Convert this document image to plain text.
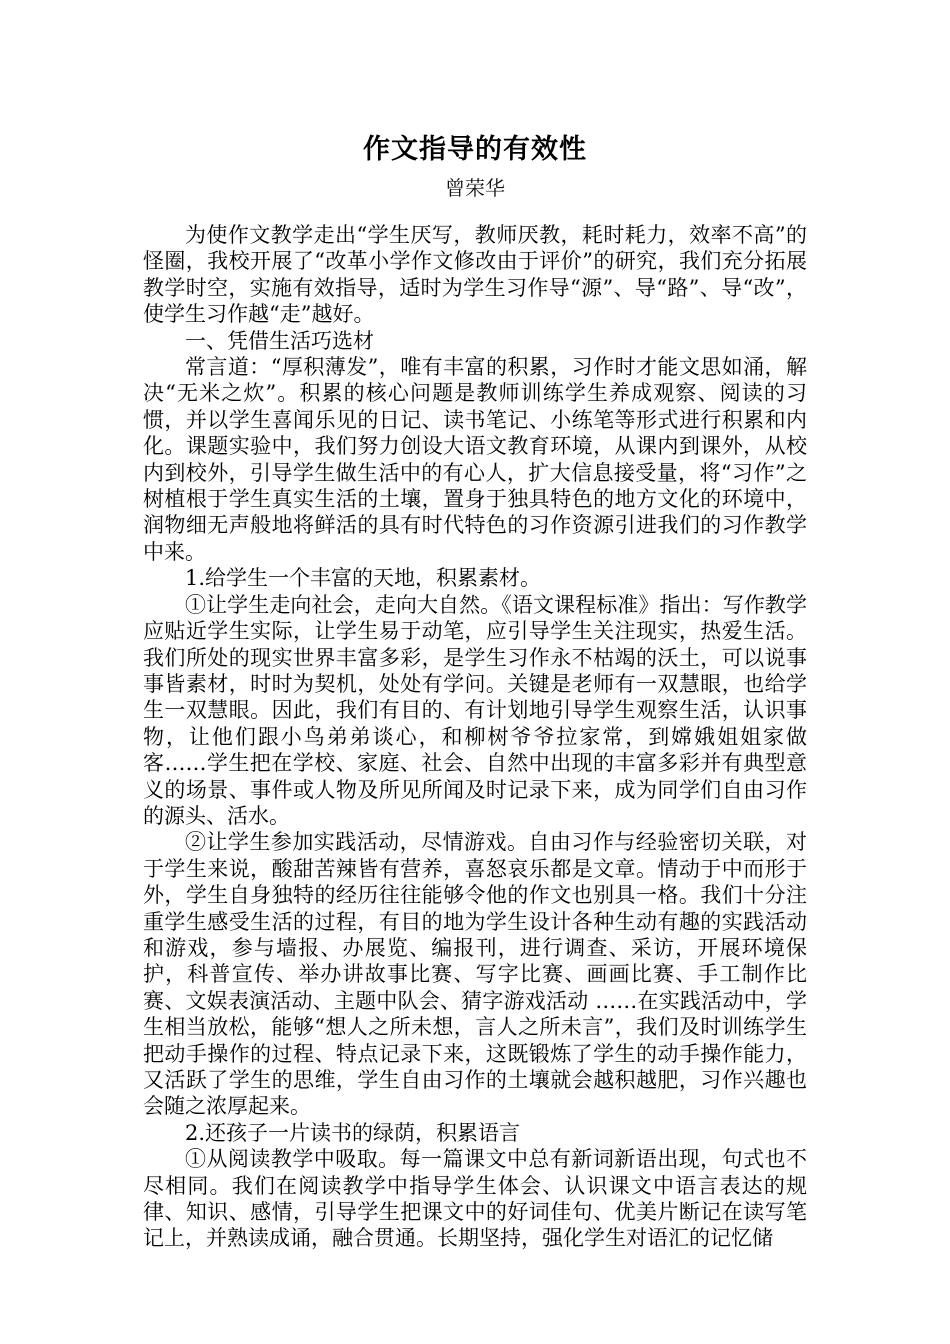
作文指导的有效性
曾荣华

为使作文教学走出“学生厌写，教师厌教，耗时耗力，效率不高”的怪圈，我校开展了“改革小学作文修改由于评价”的研究，我们充分拓展教学时空，实施有效指导，适时为学生习作导“源”、导“路”、导“改”，使学生习作越“走”越好。

一、凭借生活巧选材

常言道：“厚积薄发”，唯有丰富的积累，习作时才能文思如涌，解决“无米之炊”。积累的核心问题是教师训练学生养成观察、阅读的习惯，并以学生喜闻乐见的日记、读书笔记、小练笔等形式进行积累和内化。课题实验中，我们努力创设大语文教育环境，从课内到课外，从校内到校外，引导学生做生活中的有心人，扩大信息接受量，将“习作”之树植根于学生真实生活的土壤，置身于独具特色的地方文化的环境中，润物细无声般地将鲜活的具有时代特色的习作资源引进我们的习作教学中来。

1.给学生一个丰富的天地，积累素材。

①让学生走向社会，走向大自然。《语文课程标准》指出：写作教学应贴近学生实际，让学生易于动笔，应引导学生关注现实，热爱生活。我们所处的现实世界丰富多彩，是学生习作永不枯竭的沃土，可以说事事皆素材，时时为契机，处处有学问。关键是老师有一双慧眼，也给学生一双慧眼。因此，我们有目的、有计划地引导学生观察生活，认识事物，让他们跟小鸟弟弟谈心，和柳树爷爷拉家常，到嫦娥姐姐家做客……学生把在学校、家庭、社会、自然中出现的丰富多彩并有典型意义的场景、事件或人物及所见所闻及时记录下来，成为同学们自由习作的源头、活水。

②让学生参加实践活动，尽情游戏。自由习作与经验密切关联，对于学生来说，酸甜苦辣皆有营养，喜怒哀乐都是文章。情动于中而形于外，学生自身独特的经历往往能够令他的作文也别具一格。我们十分注重学生感受生活的过程，有目的地为学生设计各种生动有趣的实践活动和游戏，参与墙报、办展览、编报刊，进行调查、采访，开展环境保护，科普宣传、举办讲故事比赛、写字比赛、画画比赛、手工制作比赛、文娱表演活动、主题中队会、猜字游戏活动 ……在实践活动中，学生相当放松，能够“想人之所未想，言人之所未言”，我们及时训练学生把动手操作的过程、特点记录下来，这既锻炼了学生的动手操作能力，又活跃了学生的思维，学生自由习作的土壤就会越积越肥，习作兴趣也会随之浓厚起来。

2.还孩子一片读书的绿荫，积累语言

①从阅读教学中吸取。每一篇课文中总有新词新语出现，句式也不尽相同。我们在阅读教学中指导学生体会、认识课文中语言表达的规律、知识、感情，引导学生把课文中的好词佳句、优美片断记在读写笔记上，并熟读成诵，融合贯通。长期坚持，强化学生对语汇的记忆储
